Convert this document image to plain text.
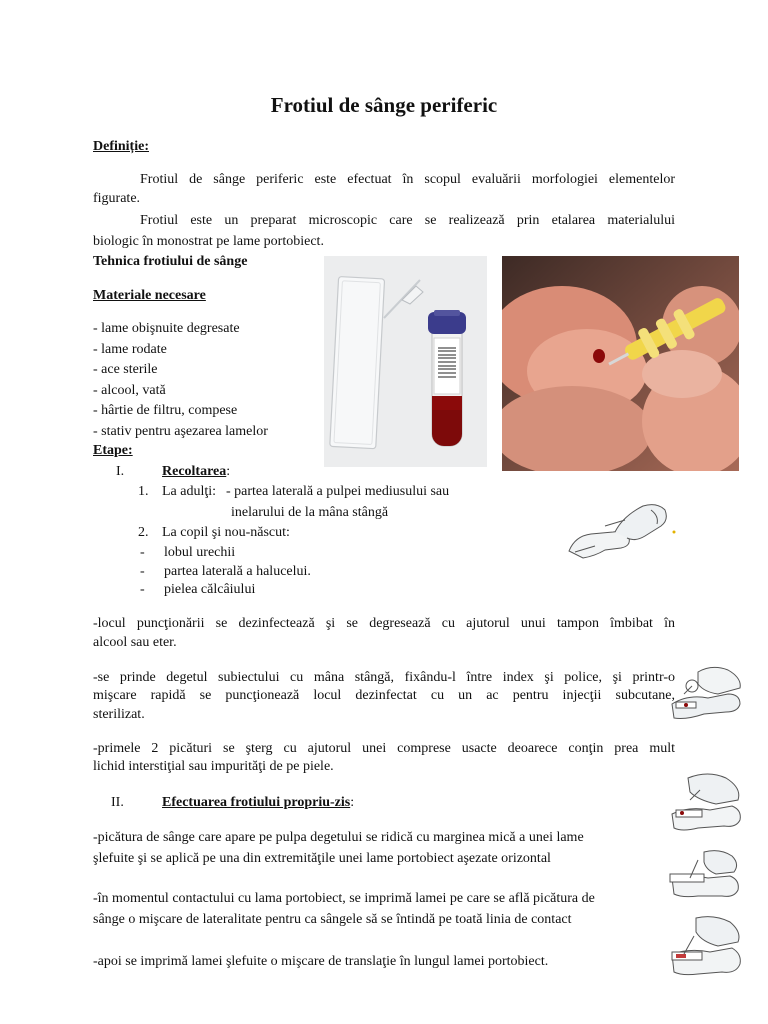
Frotiul de sânge periferic
Definiție:
Frotiul de sânge periferic este efectuat în scopul evaluării morfologiei elementelor
figurate.
Frotiul este un preparat microscopic care se realizează prin etalarea materialului
biologic în monostrat pe lame portobiect.
Tehnica frotiului de sânge
Materiale necesare
- lame obişnuite degresate
- lame rodate
- ace sterile
- alcool, vată
- hârtie de filtru, compese
- stativ pentru aşezarea lamelor
Etape:
I.	Recoltarea:
1. La adulţi: - partea laterală a pulpei mediusului sau
inelarului de la mâna stângă
2. La copil şi nou-născut:
- lobul urechii
- partea laterală a halucelui.
- pielea călcâiului
-locul puncţionării se dezinfectează şi se degresează cu ajutorul unui tampon îmbibat în
alcool sau eter.
-se prinde degetul subiectului cu mâna stângă, fixându-l între index şi police, şi printr-o
mişcare rapidă se puncţionează locul dezinfectat cu un ac pentru injecţii subcutane,
sterilizat.
-primele 2 picături se şterg cu ajutorul unei comprese usacte deoarece conţin prea mult
lichid interstiţial sau impurităţi de pe piele.
II.	Efectuarea frotiului propriu-zis:
-picătura de sânge care apare pe pulpa degetului se ridică cu marginea mică a unei lame
şlefuite şi se aplică pe una din extremităţile unei lame portobiect aşezate orizontal
-în momentul contactului cu lama portobiect, se imprimă lamei pe care se află picătura de
sânge o mişcare de lateralitate pentru ca sângele să se întindă pe toată linia de contact
-apoi se imprimă lamei şlefuite o mişcare de translaţie în lungul lamei portobiect.
